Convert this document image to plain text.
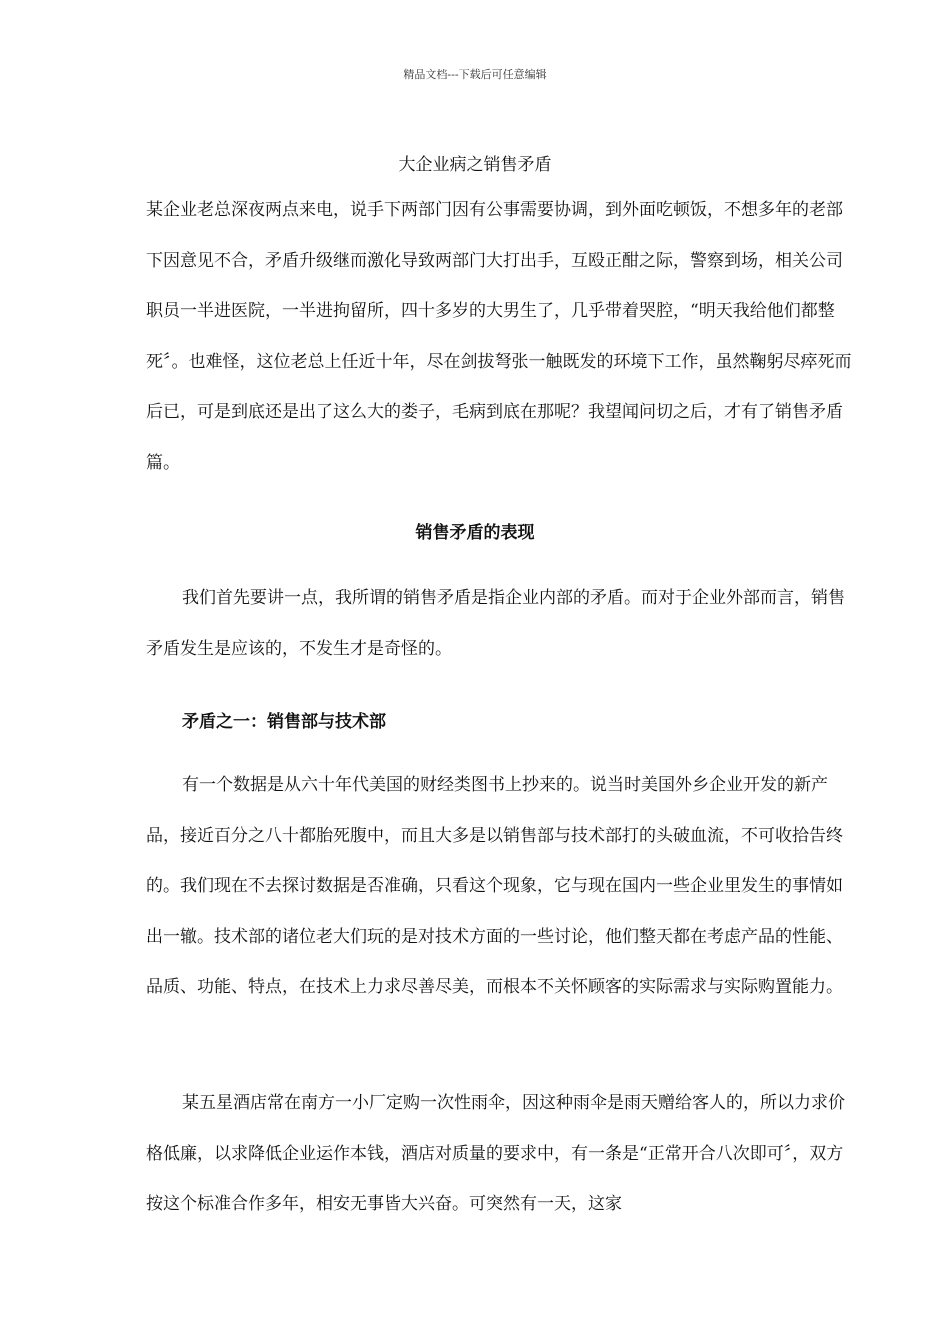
精品文档---下载后可任意编辑
大企业病之销售矛盾

某企业老总深夜两点来电，说手下两部门因有公事需要协调，到外面吃顿饭，不想多年的老部下因意见不合，矛盾升级继而激化导致两部门大打出手，互殴正酣之际，警察到场，相关公司职员一半进医院，一半进拘留所，四十多岁的大男生了，几乎带着哭腔，“明天我给他们都整死〞。也难怪，这位老总上任近十年，尽在剑拔弩张一触既发的环境下工作，虽然鞠躬尽瘁死而后已，可是到底还是出了这么大的娄子，毛病到底在那呢？我望闻问切之后，才有了销售矛盾篇。

销售矛盾的表现

我们首先要讲一点，我所谓的销售矛盾是指企业内部的矛盾。而对于企业外部而言，销售矛盾发生是应该的，不发生才是奇怪的。

矛盾之一：销售部与技术部

有一个数据是从六十年代美国的财经类图书上抄来的。说当时美国外乡企业开发的新产品，接近百分之八十都胎死腹中，而且大多是以销售部与技术部打的头破血流，不可收拾告终的。我们现在不去探讨数据是否准确，只看这个现象，它与现在国内一些企业里发生的事情如出一辙。技术部的诸位老大们玩的是对技术方面的一些讨论，他们整天都在考虑产品的性能、品质、功能、特点，在技术上力求尽善尽美，而根本不关怀顾客的实际需求与实际购置能力。

某五星酒店常在南方一小厂定购一次性雨伞，因这种雨伞是雨天赠给客人的，所以力求价格低廉，以求降低企业运作本钱，酒店对质量的要求中，有一条是“正常开合八次即可〞，双方按这个标准合作多年，相安无事皆大兴奋。可突然有一天，这家
